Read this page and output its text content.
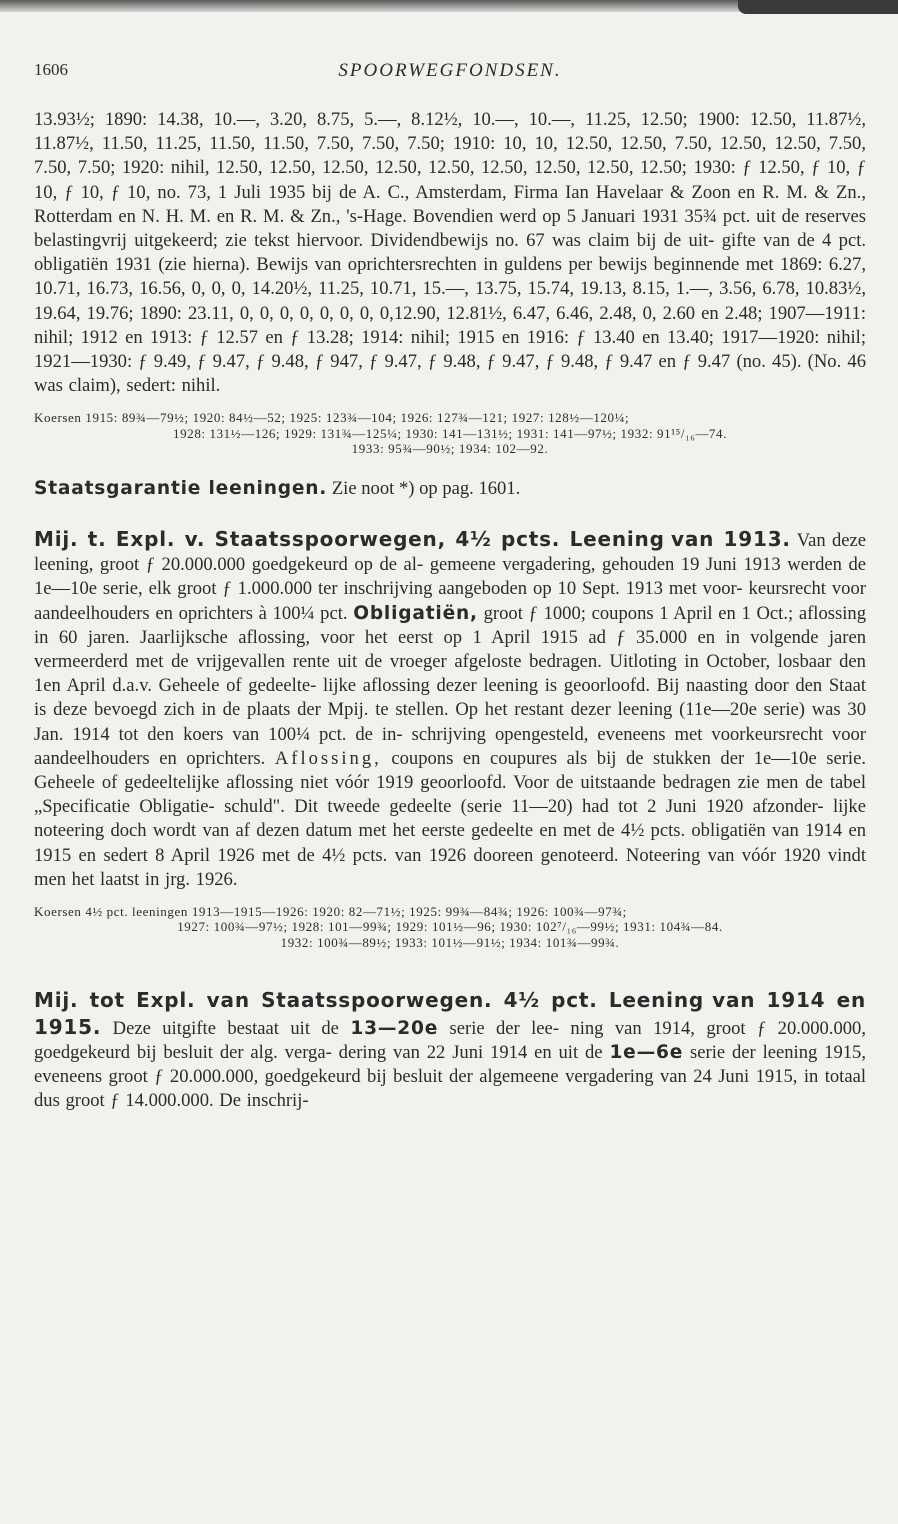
1606	SPOORWEGFONDSEN.

13.93½; 1890: 14.38, 10.—, 3.20, 8.75, 5.—, 8.12½, 10.—, 10.—, 11.25, 12.50; 1900: 12.50, 11.87½, 11.87½, 11.50, 11.25, 11.50, 11.50, 7.50, 7.50, 7.50; 1910: 10, 10, 12.50, 12.50, 7.50, 12.50, 12.50, 7.50, 7.50, 7.50; 1920: nihil, 12.50, 12.50, 12.50, 12.50, 12.50, 12.50, 12.50, 12.50, 12.50; 1930: ƒ 12.50, ƒ 10, ƒ 10, ƒ 10, ƒ 10, no. 73, 1 Juli 1935 bij de A. C., Amsterdam, Firma Ian Havelaar & Zoon en R. M. & Zn., Rotterdam en N. H. M. en R. M. & Zn., 's-Hage. Bovendien werd op 5 Januari 1931 35¾ pct. uit de reserves belastingvrij uitgekeerd; zie tekst hiervoor. Dividendbewijs no. 67 was claim bij de uit- gifte van de 4 pct. obligatiën 1931 (zie hierna). Bewijs van oprichtersrechten in guldens per bewijs beginnende met 1869: 6.27, 10.71, 16.73, 16.56, 0, 0, 0, 14.20½, 11.25, 10.71, 15.—, 13.75, 15.74, 19.13, 8.15, 1.—, 3.56, 6.78, 10.83½, 19.64, 19.76; 1890: 23.11, 0, 0, 0, 0, 0, 0, 0, 0,12.90, 12.81½, 6.47, 6.46, 2.48, 0, 2.60 en 2.48; 1907—1911: nihil; 1912 en 1913: ƒ 12.57 en ƒ 13.28; 1914: nihil; 1915 en 1916: ƒ 13.40 en 13.40; 1917—1920: nihil; 1921—1930: ƒ 9.49, ƒ 9.47, ƒ 9.48, ƒ 947, ƒ 9.47, ƒ 9.48, ƒ 9.47, ƒ 9.48, ƒ 9.47 en ƒ 9.47 (no. 45). (No. 46 was claim), sedert: nihil.

Koersen 1915: 89¾—79½; 1920: 84½—52; 1925: 123¾—104; 1926: 127¾—121; 1927: 128½—120¼;
1928: 131½—126; 1929: 131¾—125¼; 1930: 141—131½; 1931: 141—97½; 1932: 91¹⁵/₁₆—74.
1933: 95¾—90½; 1934: 102—92.

Staatsgarantie leeningen. Zie noot *) op pag. 1601.

Mij. t. Expl. v. Staatsspoorwegen, 4½ pcts. Leening van 1913. Van deze leening, groot ƒ 20.000.000 goedgekeurd op de al- gemeene vergadering, gehouden 19 Juni 1913 werden de 1e—10e serie, elk groot ƒ 1.000.000 ter inschrijving aangeboden op 10 Sept. 1913 met voor- keursrecht voor aandeelhouders en oprichters à 100¼ pct. Obligatiën, groot ƒ 1000; coupons 1 April en 1 Oct.; aflossing in 60 jaren. Jaarlijksche aflossing, voor het eerst op 1 April 1915 ad ƒ 35.000 en in volgende jaren vermeerderd met de vrijgevallen rente uit de vroeger afgeloste bedragen. Uitloting in October, losbaar den 1en April d.a.v. Geheele of gedeelte- lijke aflossing dezer leening is geoorloofd. Bij naasting door den Staat is deze bevoegd zich in de plaats der Mpij. te stellen. Op het restant dezer leening (11e—20e serie) was 30 Jan. 1914 tot den koers van 100¼ pct. de in- schrijving opengesteld, eveneens met voorkeursrecht voor aandeelhouders en oprichters. Aflossing, coupons en coupures als bij de stukken der 1e—10e serie. Geheele of gedeeltelijke aflossing niet vóór 1919 geoorloofd. Voor de uitstaande bedragen zie men de tabel „Specificatie Obligatie- schuld". Dit tweede gedeelte (serie 11—20) had tot 2 Juni 1920 afzonder- lijke noteering doch wordt van af dezen datum met het eerste gedeelte en met de 4½ pcts. obligatiën van 1914 en 1915 en sedert 8 April 1926 met de 4½ pcts. van 1926 dooreen genoteerd. Noteering van vóór 1920 vindt men het laatst in jrg. 1926.

Koersen 4½ pct. leeningen 1913—1915—1926: 1920: 82—71½; 1925: 99¾—84¾; 1926: 100¾—97¾;
1927: 100¾—97½; 1928: 101—99¾; 1929: 101½—96; 1930: 102⁷/₁₆—99½; 1931: 104¾—84.
1932: 100¾—89½; 1933: 101½—91½; 1934: 101¾—99¾.

Mij. tot Expl. van Staatsspoorwegen. 4½ pct. Leening van 1914 en 1915. Deze uitgifte bestaat uit de 13—20e serie der lee- ning van 1914, groot ƒ 20.000.000, goedgekeurd bij besluit der alg. verga- dering van 22 Juni 1914 en uit de 1e—6e serie der leening 1915, eveneens groot ƒ 20.000.000, goedgekeurd bij besluit der algemeene vergadering van 24 Juni 1915, in totaal dus groot ƒ 14.000.000. De inschrij-
